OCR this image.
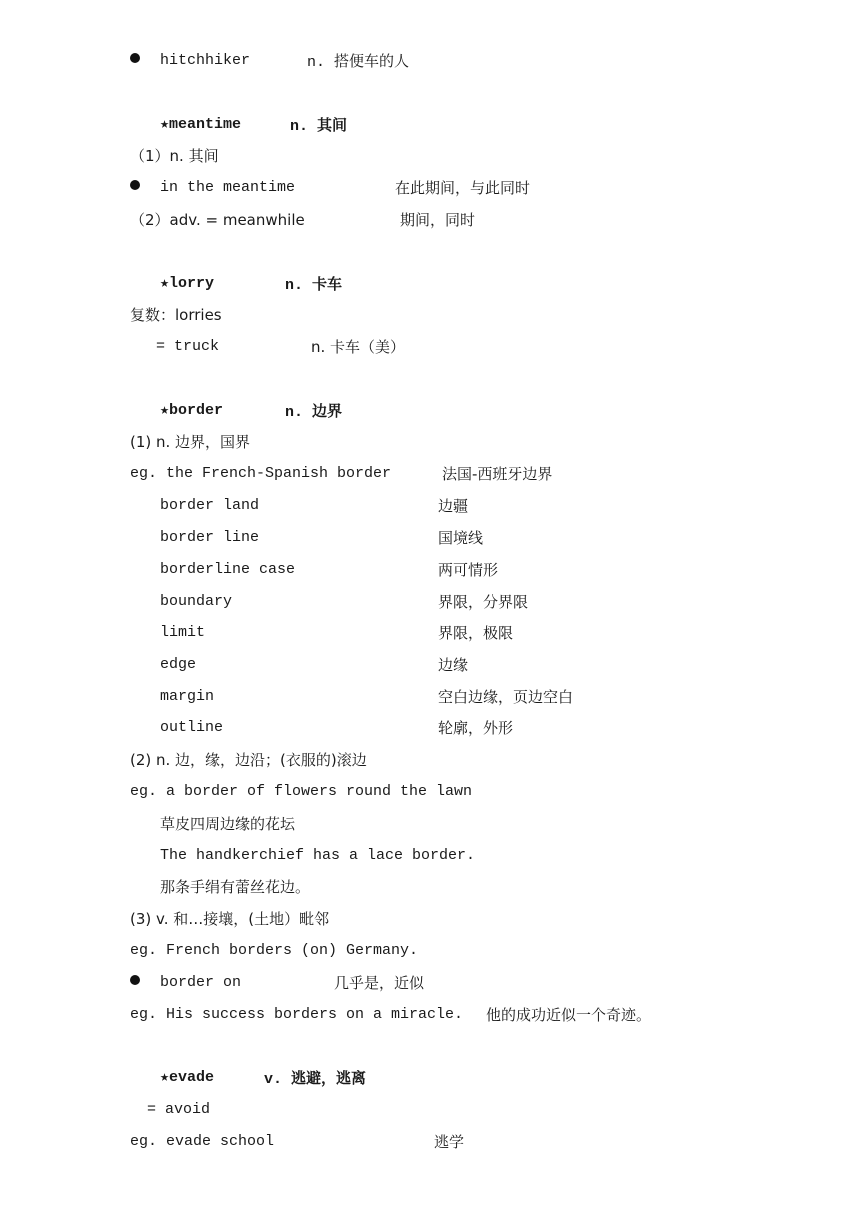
hitchhiker	n. 搭便车的人
★meantime	n. 其间
（1）n. 其间
in the meantime	在此期间，与此同时
（2）adv. = meanwhile	期间，同时
★lorry	n. 卡车
复数：lorries
= truck	n. 卡车（美）
★border	n. 边界
(1) n. 边界，国界
eg. the French-Spanish border	法国-西班牙边界
border land	边疆
border line	国境线
borderline case	两可情形
boundary	界限，分界限
limit	界限，极限
edge	边缘
margin	空白边缘，页边空白
outline	轮廓，外形
(2) n. 边，缘，边沿；(衣服的)滚边
eg. a border of flowers round the lawn
草皮四周边缘的花坛
The handkerchief has a lace border.
那条手绢有蕾丝花边。
(3) v. 和…接壤，(土地）毗邻
eg. French borders (on) Germany.
border on	几乎是，近似
eg. His success borders on a miracle. 他的成功近似一个奇迹。
★evade	v. 逃避，逃离
= avoid
eg. evade school	逃学
